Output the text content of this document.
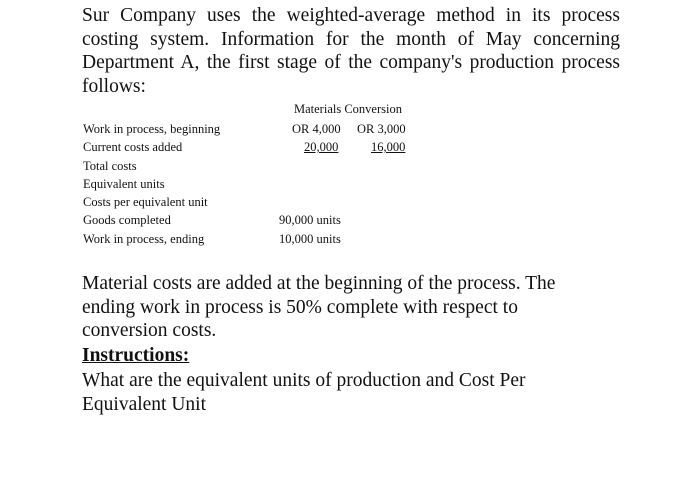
Sur Company uses the weighted-average method in its process costing system. Information for the month of May concerning Department A, the first stage of the company's production process follows:

Materials Conversion
Work in process, beginning	OR 4,000 OR 3,000
Current costs added	20,000	16,000
Total costs
Equivalent units
Costs per equivalent unit
Goods completed	90,000 units
Work in process, ending	10,000 units

Material costs are added at the beginning of the process. The ending work in process is 50% complete with respect to conversion costs.

Instructions:

What are the equivalent units of production and Cost Per Equivalent Unit
